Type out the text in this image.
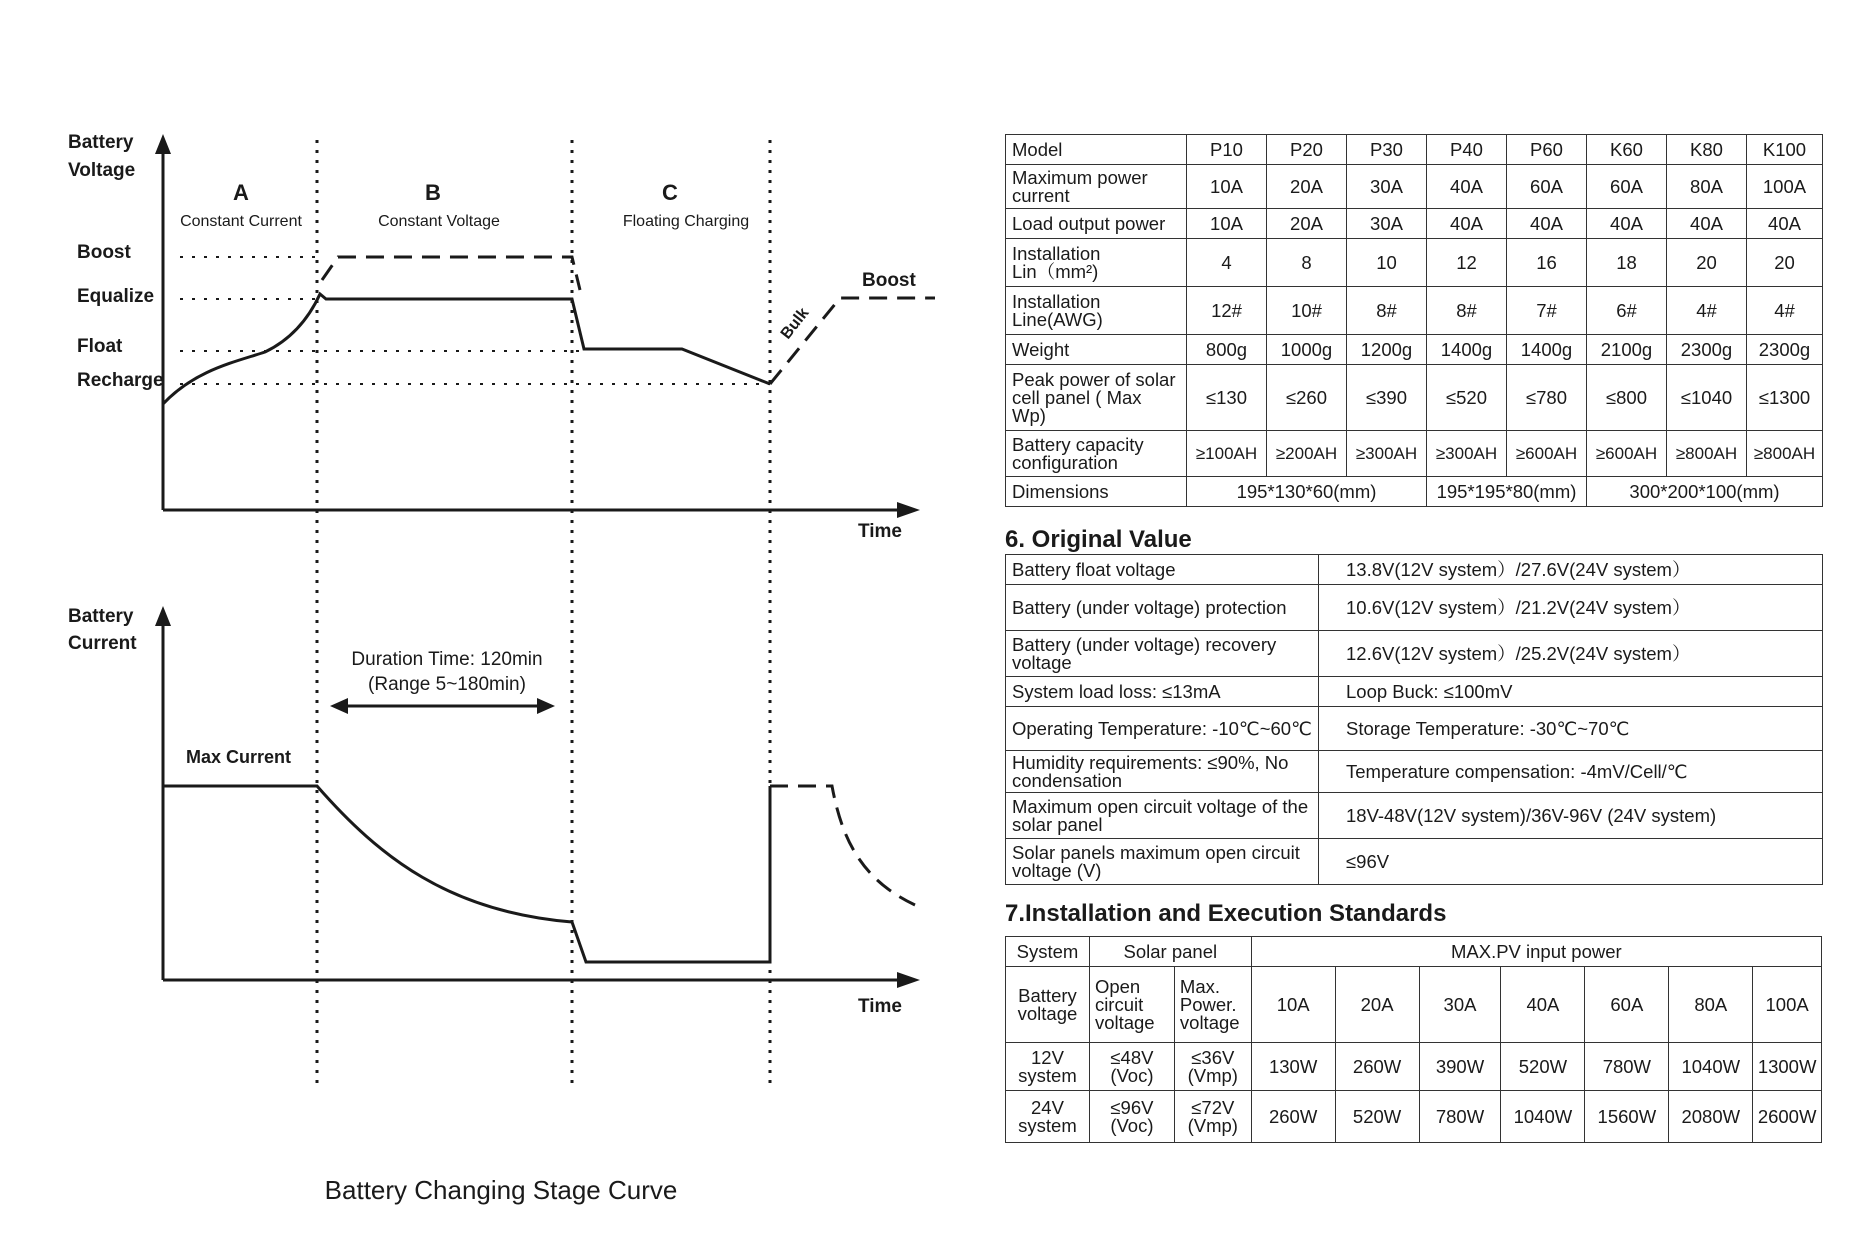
Battery
Voltage
Time
Battery
Current
Time
A
Constant Current
B
Constant Voltage
C
Floating Charging
Boost
Equalize
Float
Recharge
Bulk
Boost
Max Current
Duration Time: 120min
(Range 5~180min)
Battery Changing Stage Curve
Model	P10	P20	P30	P40	P60	K60	K80	K100
Maximum power current	10A	20A	30A	40A	60A	60A	80A	100A
Load output power	10A	20A	30A	40A	40A	40A	40A	40A
Installation
Lin（mm²)	4	8	10	12	16	18	20	20
Installation
Line(AWG)	12#	10#	8#	8#	7#	6#	4#	4#
Weight	800g	1000g	1200g	1400g	1400g	2100g	2300g	2300g
Peak power of solar cell panel ( Max Wp)	≤130	≤260	≤390	≤520	≤780	≤800	≤1040	≤1300
Battery capacity configuration	≥100AH	≥200AH	≥300AH	≥300AH	≥600AH	≥600AH	≥800AH	≥800AH
Dimensions	195*130*60(mm)			195*195*80(mm)		300*200*100(mm)		
6. Original Value
Battery float voltage	13.8V(12V system）/27.6V(24V system）
Battery (under voltage) protection	10.6V(12V system）/21.2V(24V system）
Battery (under voltage) recovery voltage	12.6V(12V system）/25.2V(24V system）
System load loss: ≤13mA	Loop Buck: ≤100mV
Operating Temperature: -10℃~60℃	Storage Temperature: -30℃~70℃
Humidity requirements: ≤90%, No condensation	Temperature compensation: -4mV/Cell/℃
Maximum open circuit voltage of the solar panel	18V-48V(12V system)/36V-96V (24V system)
Solar panels maximum open circuit voltage (V)	≤96V
7.Installation and Execution Standards
System	Solar panel		MAX.PV input power						
Battery voltage	Open circuit voltage	Max. Power. voltage	10A	20A	30A	40A	60A	80A	100A
12V system	≤48V (Voc)	≤36V (Vmp)	130W	260W	390W	520W	780W	1040W	1300W
24V system	≤96V (Voc)	≤72V (Vmp)	260W	520W	780W	1040W	1560W	2080W	2600W
